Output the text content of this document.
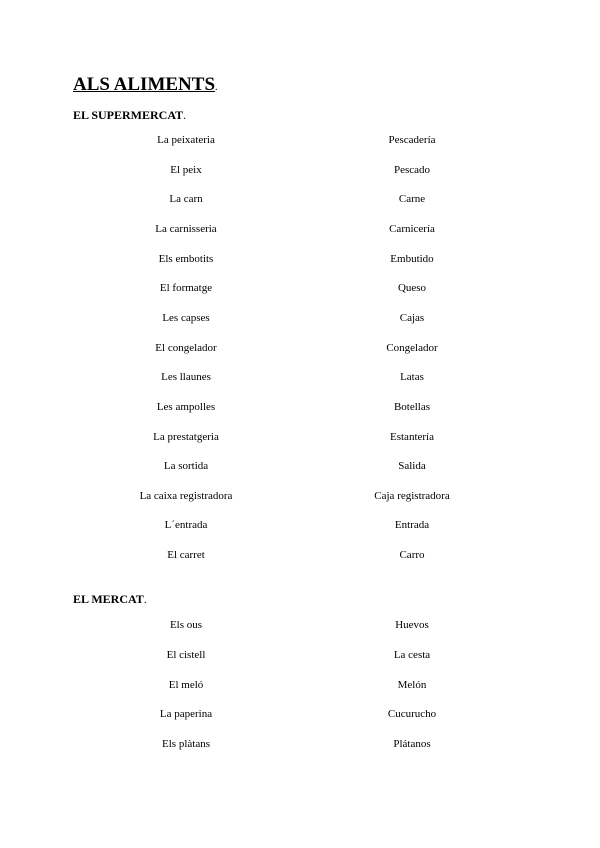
ALS ALIMENTS.
EL SUPERMERCAT.
La peixateria	Pescadería
El peix	Pescado
La carn	Carne
La carnisseria	Carnicería
Els embotits	Embutido
El formatge	Queso
Les capses	Cajas
El congelador	Congelador
Les llaunes	Latas
Les ampolles	Botellas
La prestatgeria	Estantería
La sortida	Salida
La caixa registradora	Caja registradora
L´entrada	Entrada
El carret	Carro
EL MERCAT.
Els ous	Huevos
El cistell	La cesta
El meló	Melón
La paperina	Cucurucho
Els plàtans	Plátanos
